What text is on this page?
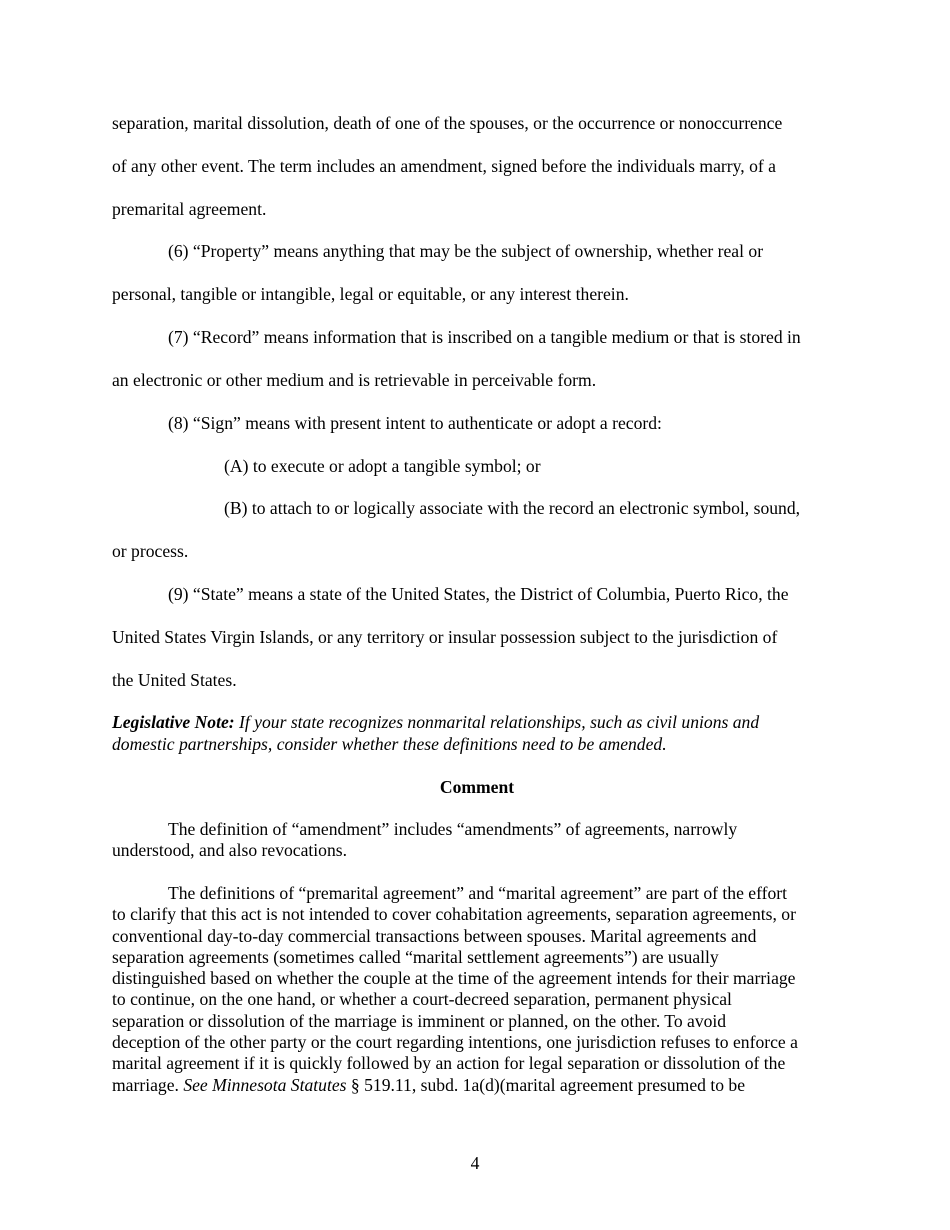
separation, marital dissolution, death of one of the spouses, or the occurrence or nonoccurrence
of any other event. The term includes an amendment, signed before the individuals marry, of a
premarital agreement.
(6) “Property” means anything that may be the subject of ownership, whether real or
personal, tangible or intangible, legal or equitable, or any interest therein.
(7) “Record” means information that is inscribed on a tangible medium or that is stored in
an electronic or other medium and is retrievable in perceivable form.
(8) “Sign” means with present intent to authenticate or adopt a record:
(A) to execute or adopt a tangible symbol; or
(B) to attach to or logically associate with the record an electronic symbol, sound,
or process.
(9) “State” means a state of the United States, the District of Columbia, Puerto Rico, the
United States Virgin Islands, or any territory or insular possession subject to the jurisdiction of
the United States.
Legislative Note: If your state recognizes nonmarital relationships, such as civil unions and
domestic partnerships, consider whether these definitions need to be amended.
Comment
The definition of “amendment” includes “amendments” of agreements, narrowly
understood, and also revocations.
The definitions of “premarital agreement” and “marital agreement” are part of the effort
to clarify that this act is not intended to cover cohabitation agreements, separation agreements, or
conventional day-to-day commercial transactions between spouses. Marital agreements and
separation agreements (sometimes called “marital settlement agreements”) are usually
distinguished based on whether the couple at the time of the agreement intends for their marriage
to continue, on the one hand, or whether a court-decreed separation, permanent physical
separation or dissolution of the marriage is imminent or planned, on the other. To avoid
deception of the other party or the court regarding intentions, one jurisdiction refuses to enforce a
marital agreement if it is quickly followed by an action for legal separation or dissolution of the
marriage. See Minnesota Statutes § 519.11, subd. 1a(d)(marital agreement presumed to be
4
